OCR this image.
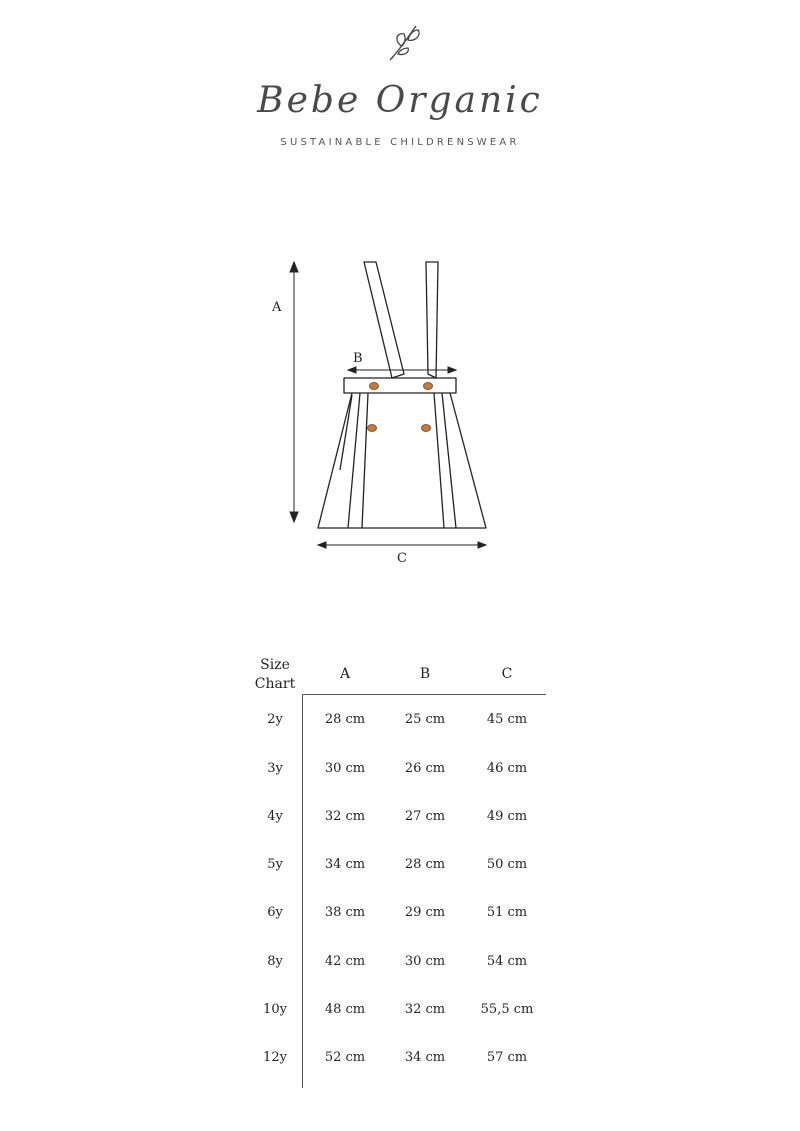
Bebe Organic
SUSTAINABLE CHILDRENSWEAR
A
B
C
Size Chart
A	B	C
2y	28 cm	25 cm	45 cm
3y	30 cm	26 cm	46 cm
4y	32 cm	27 cm	49 cm
5y	34 cm	28 cm	50 cm
6y	38 cm	29 cm	51 cm
8y	42 cm	30 cm	54 cm
10y	48 cm	32 cm	55,5 cm
12y	52 cm	34 cm	57 cm
